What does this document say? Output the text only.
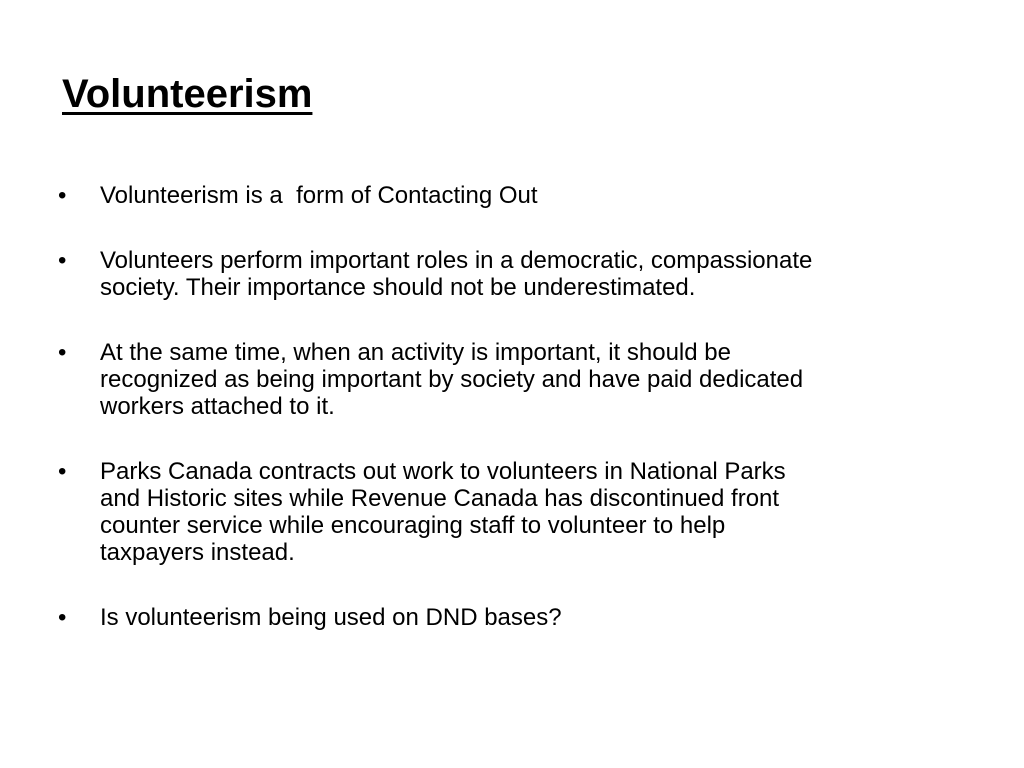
Volunteerism
•	Volunteerism is a  form of Contacting Out
•	Volunteers perform important roles in a democratic, compassionate
society. Their importance should not be underestimated.
•	At the same time, when an activity is important, it should be
recognized as being important by society and have paid dedicated
workers attached to it.
•	Parks Canada contracts out work to volunteers in National Parks
and Historic sites while Revenue Canada has discontinued front
counter service while encouraging staff to volunteer to help
taxpayers instead.
•	Is volunteerism being used on DND bases?
